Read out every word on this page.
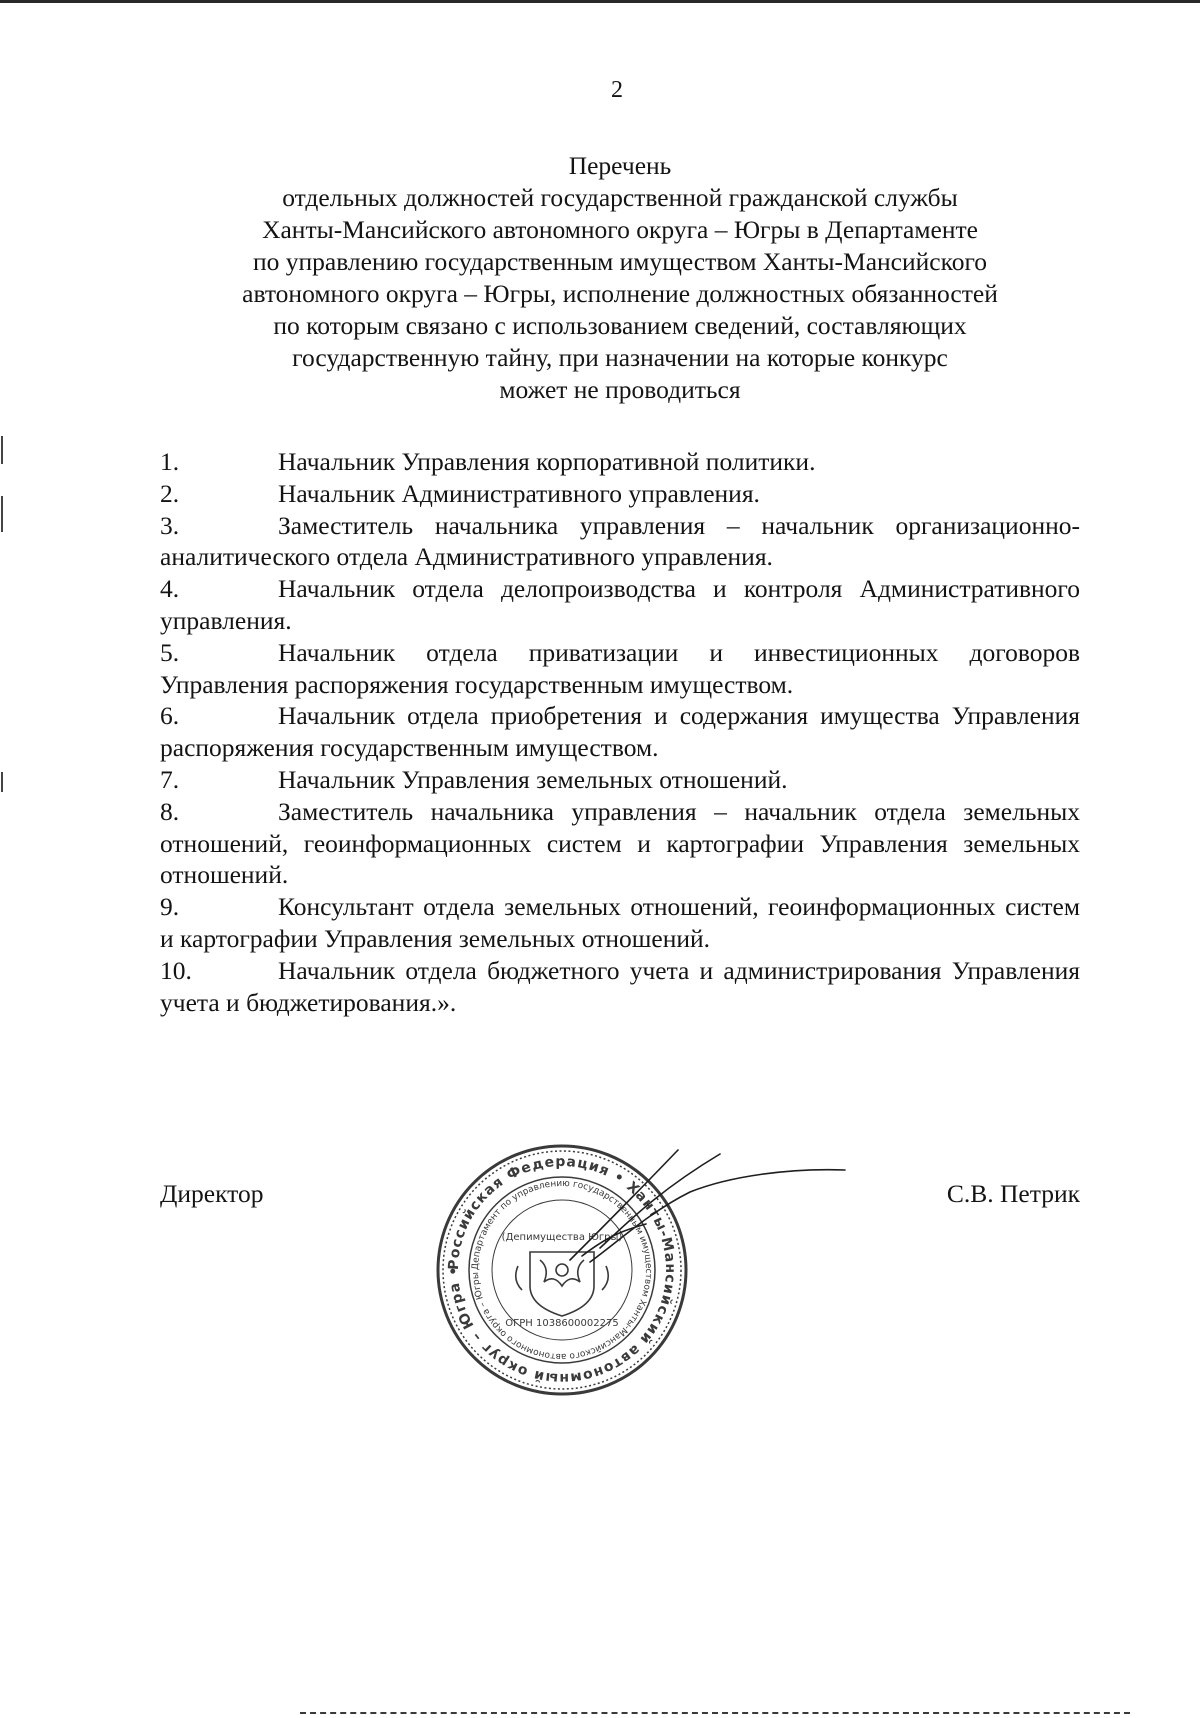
2
Перечень
отдельных должностей государственной гражданской службы
Ханты-Мансийского автономного округа – Югры в Департаменте
по управлению государственным имуществом Ханты-Мансийского
автономного округа – Югры, исполнение должностных обязанностей
по которым связано с использованием сведений, составляющих
государственную тайну, при назначении на которые конкурс
может не проводиться
1.	Начальник Управления корпоративной политики.
2.	Начальник Административного управления.
3.	Заместитель начальника управления – начальник организационно-аналитического отдела Административного управления.
4.	Начальник отдела делопроизводства и контроля Административного управления.
5.	Начальник отдела приватизации и инвестиционных договоров Управления распоряжения государственным имуществом.
6.	Начальник отдела приобретения и содержания имущества Управления распоряжения государственным имуществом.
7.	Начальник Управления земельных отношений.
8.	Заместитель начальника управления – начальник отдела земельных отношений, геоинформационных систем и картографии Управления земельных отношений.
9.	Консультант отдела земельных отношений, геоинформационных систем и картографии Управления земельных отношений.
10.	Начальник отдела бюджетного учета и администрирования Управления учета и бюджетирования.».
Директор	С.В. Петрик
Российская Федерация • Ханты-Мансийский автономный округ – Югра • Департамент по управлению государственным имуществом Ханты-Мансийского автономного округа – Югры
(Депимущества Югры)
ОГРН 1038600002275
